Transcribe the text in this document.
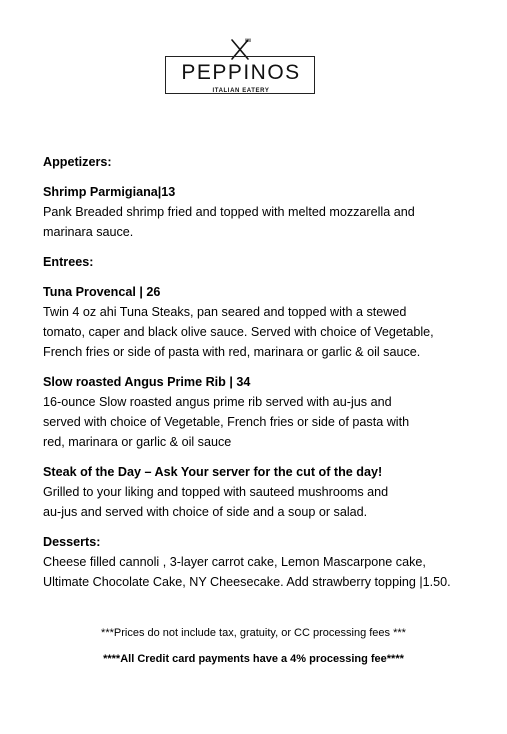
PEPPINOS
ITALIAN EATERY
Appetizers:
Shrimp Parmigiana|13
Pank Breaded shrimp fried and topped with melted mozzarella and
marinara sauce.
Entrees:
Tuna Provencal | 26
Twin 4 oz ahi Tuna Steaks, pan seared and topped with a stewed
tomato, caper and black olive sauce. Served with choice of Vegetable,
French fries or side of pasta with red, marinara or garlic & oil sauce.
Slow roasted Angus Prime Rib | 34
16-ounce Slow roasted angus prime rib served with au-jus and
served with choice of Vegetable, French fries or side of pasta with
red, marinara or garlic & oil sauce
Steak of the Day – Ask Your server for the cut of the day!
Grilled to your liking and topped with sauteed mushrooms and
au-jus and served with choice of side and a soup or salad.
Desserts:
Cheese filled cannoli , 3-layer carrot cake, Lemon Mascarpone cake,
Ultimate Chocolate Cake, NY Cheesecake. Add strawberry topping |1.50.
***Prices do not include tax, gratuity, or CC processing fees ***
****All Credit card payments have a 4% processing fee****
